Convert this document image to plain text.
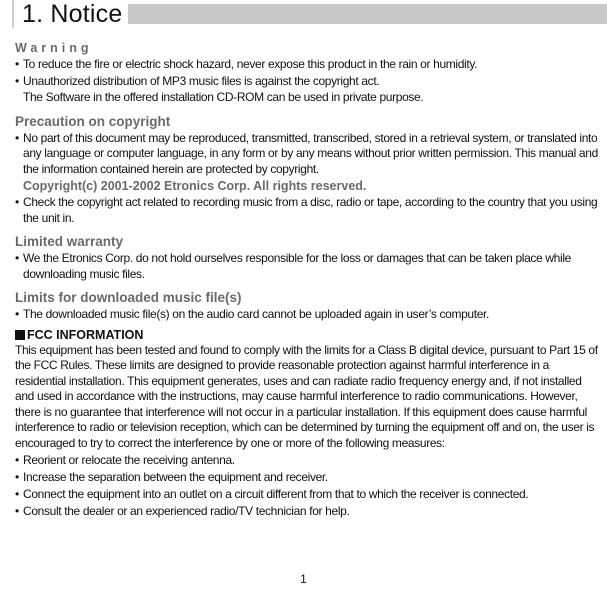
1. Notice
Warning
• To reduce the fire or electric shock hazard, never expose this product in the rain or humidity.
• Unauthorized distribution of MP3 music files is against the copyright act.
The Software in the offered installation CD-ROM can be used in private purpose.
Precaution on copyright
• No part of this document may be reproduced, transmitted, transcribed, stored in a retrieval system, or translated into any language or computer language, in any form or by any means without prior written permission. This manual and the information contained herein are protected by copyright.
Copyright(c) 2001-2002 Etronics Corp. All rights reserved.
• Check the copyright act related to recording music from a disc, radio or tape, according to the country that you using the unit in.
Limited warranty
• We the Etronics Corp. do not hold ourselves responsible for the loss or damages that can be taken place while downloading music files.
Limits for downloaded music file(s)
• The downloaded music file(s) on the audio card cannot be uploaded again in user’s computer.
FCC INFORMATION

This equipment has been tested and found to comply with the limits for a Class B digital device, pursuant to Part 15 of the FCC Rules. These limits are designed to provide reasonable protection against harmful interference in a residential installation. This equipment generates, uses and can radiate radio frequency energy and, if not installed and used in accordance with the instructions, may cause harmful interference to radio communications. However, there is no guarantee that interference will not occur in a particular installation. If this equipment does cause harmful interference to radio or television reception, which can be determined by turning the equipment off and on, the user is encouraged to try to correct the interference by one or more of the following measures:

• Reorient or relocate the receiving antenna.
• Increase the separation between the equipment and receiver.
• Connect the equipment into an outlet on a circuit different from that to which the receiver is connected.
• Consult the dealer or an experienced radio/TV technician for help.
1
